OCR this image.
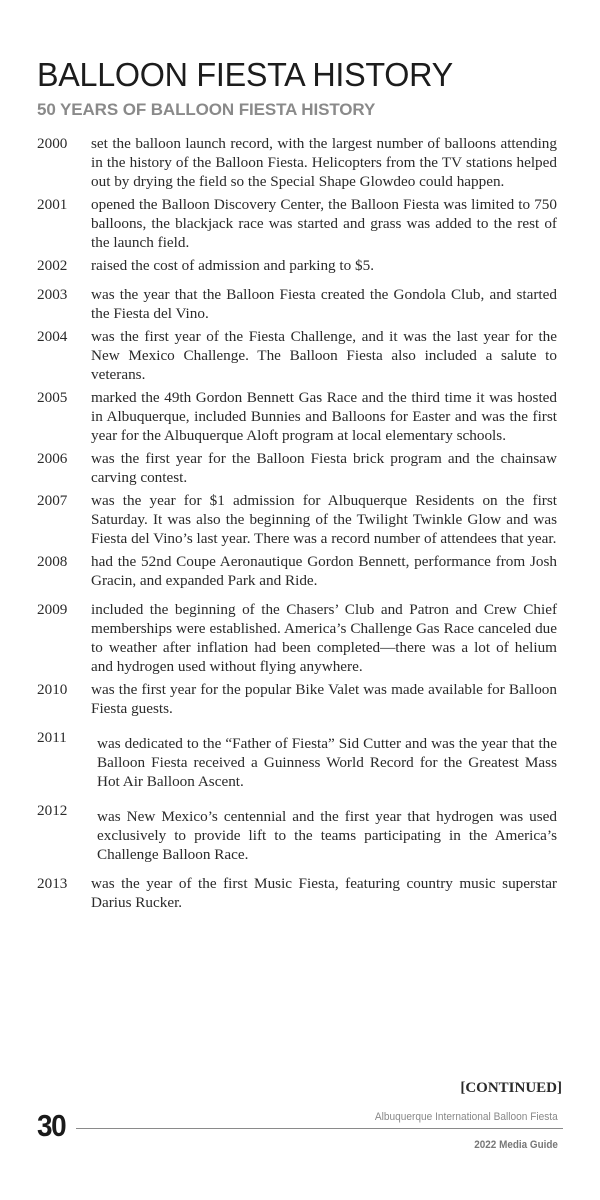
BALLOON FIESTA HISTORY
50 YEARS OF BALLOON FIESTA HISTORY
2000	set the balloon launch record, with the largest number of balloons attending in the history of the Balloon Fiesta. Helicopters from the TV stations helped out by drying the field so the Special Shape Glowdeo could happen.
2001	opened the Balloon Discovery Center, the Balloon Fiesta was limited to 750 balloons, the blackjack race was started and grass was added to the rest of the launch field.
2002	raised the cost of admission and parking to $5.
2003	was the year that the Balloon Fiesta created the Gondola Club, and started the Fiesta del Vino.
2004	was the first year of the Fiesta Challenge, and it was the last year for the New Mexico Challenge. The Balloon Fiesta also included a salute to veterans.
2005	marked the 49th Gordon Bennett Gas Race and the third time it was hosted in Albuquerque, included Bunnies and Balloons for Easter and was the first year for the Albuquerque Aloft program at local elementary schools.
2006	was the first year for the Balloon Fiesta brick program and the chainsaw carving contest.
2007	was the year for $1 admission for Albuquerque Residents on the first Saturday. It was also the beginning of the Twilight Twinkle Glow and was Fiesta del Vino’s last year. There was a record number of attendees that year.
2008	had the 52nd Coupe Aeronautique Gordon Bennett, performance from Josh Gracin, and expanded Park and Ride.
2009	included the beginning of the Chasers’ Club and Patron and Crew Chief memberships were established. America’s Challenge Gas Race canceled due to weather after inflation had been completed—there was a lot of helium and hydrogen used without flying anywhere.
2010	was the first year for the popular Bike Valet was made available for Balloon Fiesta guests.
2011	was dedicated to the “Father of Fiesta” Sid Cutter and was the year that the Balloon Fiesta received a Guinness World Record for the Greatest Mass Hot Air Balloon Ascent.
2012	was New Mexico’s centennial and the first year that hydrogen was used exclusively to provide lift to the teams participating in the America’s Challenge Balloon Race.
2013	was the year of the first Music Fiesta, featuring country music superstar Darius Rucker.
[CONTINUED]
30	Albuquerque International Balloon Fiesta
2022 Media Guide
